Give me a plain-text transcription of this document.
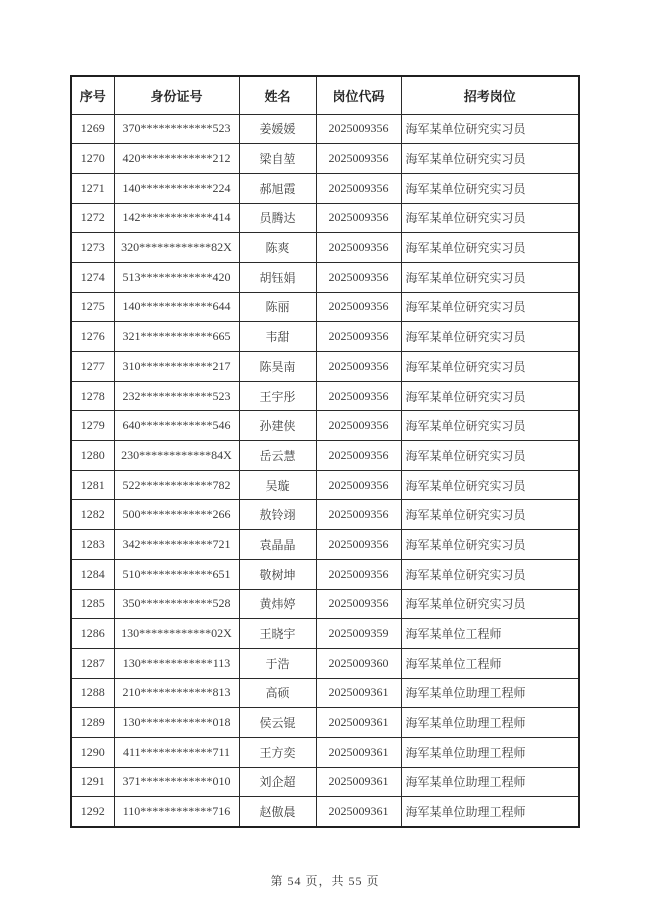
序号	身份证号	姓名	岗位代码	招考岗位
1269	370************523	姜媛媛	2025009356	海军某单位研究实习员
1270	420************212	梁自堃	2025009356	海军某单位研究实习员
1271	140************224	郝旭霞	2025009356	海军某单位研究实习员
1272	142************414	员腾达	2025009356	海军某单位研究实习员
1273	320************82X	陈爽	2025009356	海军某单位研究实习员
1274	513************420	胡钰娟	2025009356	海军某单位研究实习员
1275	140************644	陈丽	2025009356	海军某单位研究实习员
1276	321************665	韦甜	2025009356	海军某单位研究实习员
1277	310************217	陈昊南	2025009356	海军某单位研究实习员
1278	232************523	王宇彤	2025009356	海军某单位研究实习员
1279	640************546	孙建侠	2025009356	海军某单位研究实习员
1280	230************84X	岳云慧	2025009356	海军某单位研究实习员
1281	522************782	吴璇	2025009356	海军某单位研究实习员
1282	500************266	敖铃翊	2025009356	海军某单位研究实习员
1283	342************721	袁晶晶	2025009356	海军某单位研究实习员
1284	510************651	敬树坤	2025009356	海军某单位研究实习员
1285	350************528	黄炜婷	2025009356	海军某单位研究实习员
1286	130************02X	王晓宇	2025009359	海军某单位工程师
1287	130************113	于浩	2025009360	海军某单位工程师
1288	210************813	高硕	2025009361	海军某单位助理工程师
1289	130************018	侯云锟	2025009361	海军某单位助理工程师
1290	411************711	王方奕	2025009361	海军某单位助理工程师
1291	371************010	刘企超	2025009361	海军某单位助理工程师
1292	110************716	赵傲晨	2025009361	海军某单位助理工程师
第 54 页，共 55 页
